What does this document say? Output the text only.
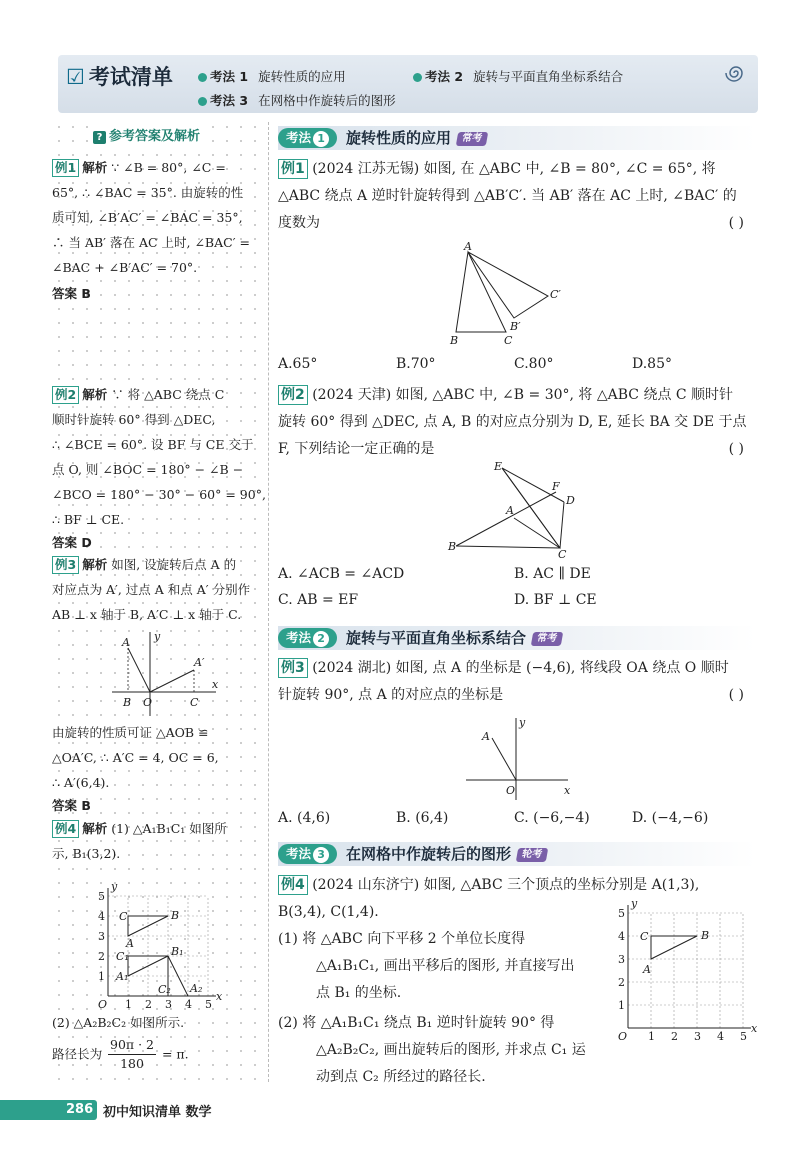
☑ 考试清单	考法 1 旋转性质的应用	考法 2 旋转与平面直角坐标系结合
考法 3 在网格中作旋转后的图形
? 参考答案及解析
例1 解析 ∵ ∠B = 80°, ∠C =
65°, ∴ ∠BAC = 35°. 由旋转的性
质可知, ∠B′AC′ = ∠BAC = 35°,
∴ 当 AB′ 落在 AC 上时, ∠BAC′ =
∠BAC + ∠B′AC′ = 70°.
答案 B
例2 解析 ∵ 将 △ABC 绕点 C
顺时针旋转 60° 得到 △DEC,
∴ ∠BCE = 60°. 设 BF 与 CE 交于
点 O, 则 ∠BOC = 180° − ∠B −
∠BCO = 180° − 30° − 60° = 90°,
∴ BF ⊥ CE.
答案 D
例3 解析 如图, 设旋转后点 A 的
对应点为 A′, 过点 A 和点 A′ 分别作
AB ⊥ x 轴于 B, A′C ⊥ x 轴于 C.
A
A′
B O	C
y
x
由旋转的性质可证 △AOB ≌
△OA′C, ∴ A′C = 4, OC = 6,
∴ A′(6,4).
答案 B
例4 解析 (1) △A₁B₁C₁ 如图所
示, B₁(3,2).
1
1
2
2
3
3
4
4
5
5
O
x
y
C	B
A
C₁	B₁
A₁
C₂ A₂
(2) △A₂B₂C₂ 如图所示.
路径长为 $\frac{90\pi \cdot 2}{180} = \pi$.
考法 1	旋转性质的应用 常考
例1 (2024 江苏无锡) 如图, 在 △ABC 中, ∠B = 80°, ∠C = 65°, 将
△ABC 绕点 A 逆时针旋转得到 △AB′C′. 当 AB′ 落在 AC 上时, ∠BAC′ 的
度数为	( )
A
B	C
C′
B′
A.65°	B.70°	C.80°	D.85°
例2 (2024 天津) 如图, △ABC 中, ∠B = 30°, 将 △ABC 绕点 C 顺时针
旋转 60° 得到 △DEC, 点 A, B 的对应点分别为 D, E, 延长 BA 交 DE 于点
F, 下列结论一定正确的是	( )
E
F
D
A
B
C
A. ∠ACB = ∠ACD	B. AC ∥ DE
C. AB = EF	D. BF ⊥ CE
考法 2	旋转与平面直角坐标系结合 常考
例3 (2024 湖北) 如图, 点 A 的坐标是 (−4,6), 将线段 OA 绕点 O 顺时
针旋转 90°, 点 A 的对应点的坐标是	( )
A
O
y
x
A. (4,6)	B. (6,4)	C. (−6,−4)	D. (−4,−6)
考法 3	在网格中作旋转后的图形 轮考
例4 (2024 山东济宁) 如图, △ABC 三个顶点的坐标分别是 A(1,3),
B(3,4), C(1,4).
(1) 将 △ABC 向下平移 2 个单位长度得
△A₁B₁C₁, 画出平移后的图形, 并直接写出
点 B₁ 的坐标.
(2) 将 △A₁B₁C₁ 绕点 B₁ 逆时针旋转 90° 得
△A₂B₂C₂, 画出旋转后的图形, 并求点 C₁ 运
动到点 C₂ 所经过的路径长.
1
1
2
2
3
3
4
4
5
5
O
x
y
C	B
A
286 初中知识清单 数学
